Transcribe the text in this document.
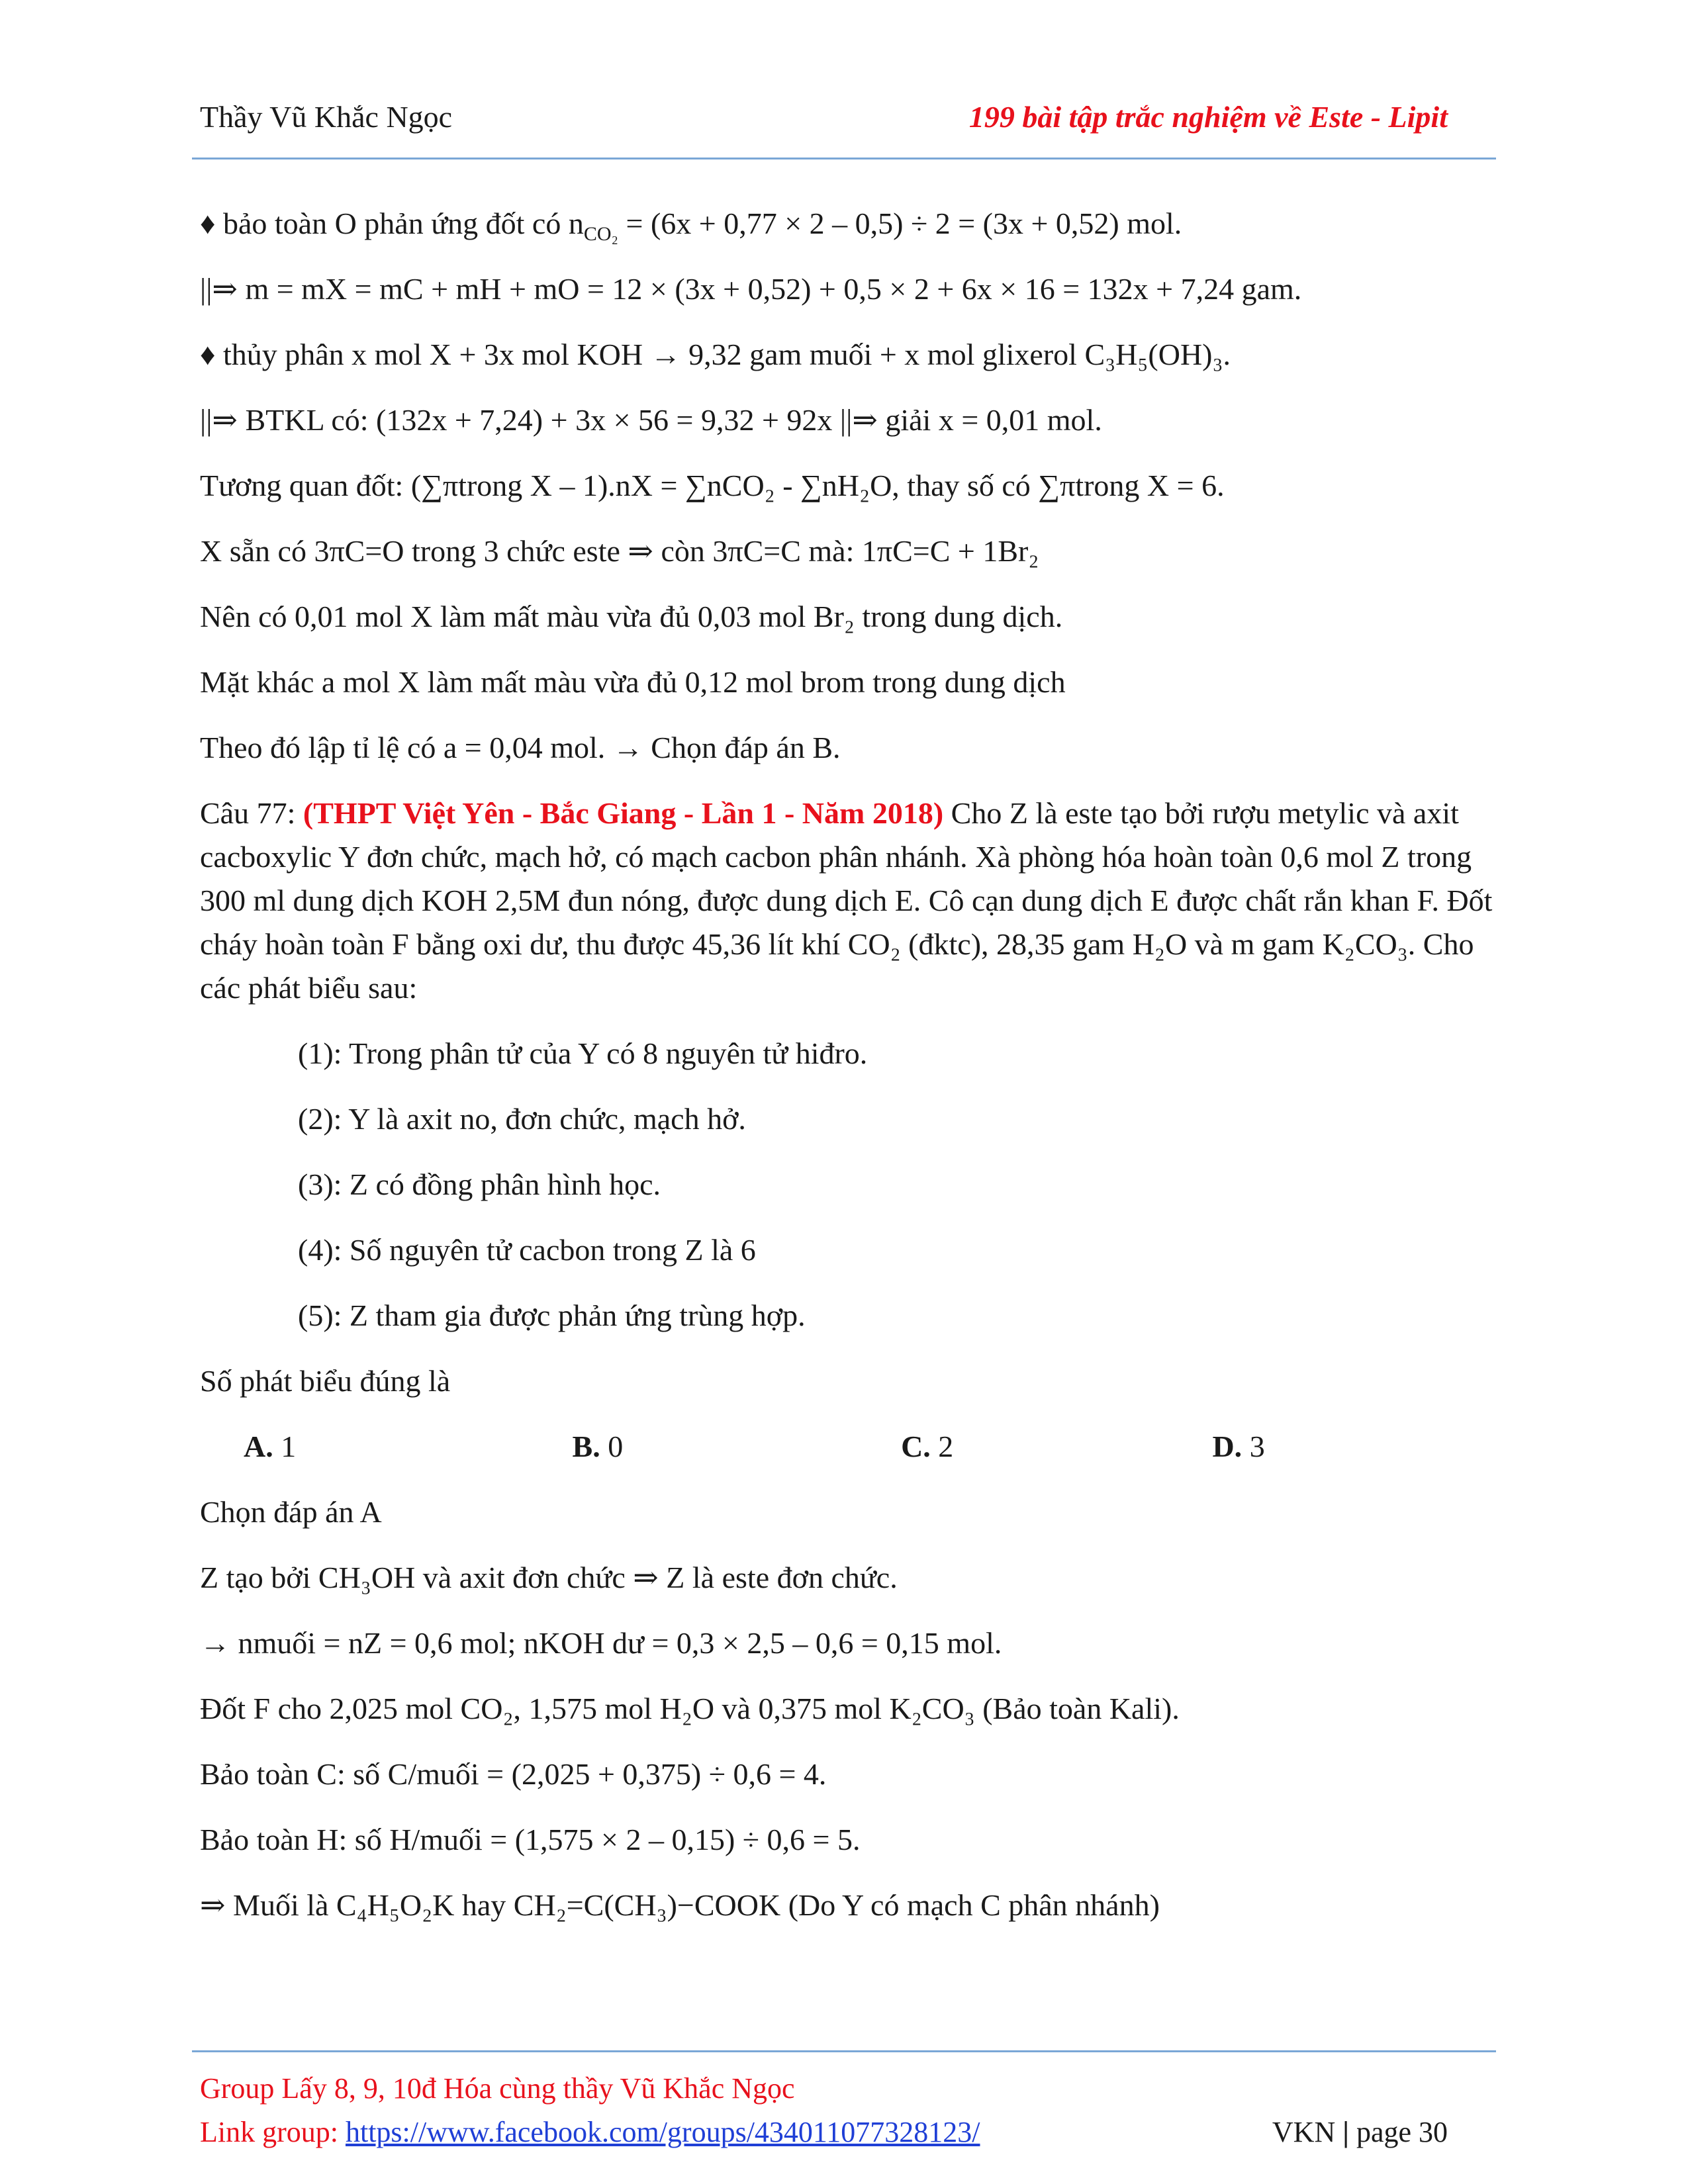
Thầy Vũ Khắc Ngọc	199 bài tập trắc nghiệm về Este - Lipit

♦ bảo toàn O phản ứng đốt có $n_{CO_2} = (6x + 0,77 \times 2 - 0,5) \div 2 = (3x + 0,52)$ mol.

||⇒ m = mX = mC + mH + mO = 12 × (3x + 0,52) + 0,5 × 2 + 6x × 16 = 132x + 7,24 gam.

♦ thủy phân x mol X + 3x mol KOH → 9,32 gam muối + x mol glixerol C₃H₅(OH)₃.

||⇒ BTKL có: (132x + 7,24) + 3x × 56 = 9,32 + 92x ||⇒ giải x = 0,01 mol.

Tương quan đốt: (∑πtrong X – 1).nX = ∑nCO₂ - ∑nH₂O, thay số có ∑πtrong X = 6.

X sẵn có 3πC=O trong 3 chức este ⇒ còn 3πC=C mà: 1πC=C + 1Br₂

Nên có 0,01 mol X làm mất màu vừa đủ 0,03 mol Br₂ trong dung dịch.

Mặt khác a mol X làm mất màu vừa đủ 0,12 mol brom trong dung dịch

Theo đó lập tỉ lệ có a = 0,04 mol. → Chọn đáp án B.

Câu 77: (THPT Việt Yên - Bắc Giang - Lần 1 - Năm 2018) Cho Z là este tạo bởi rượu metylic và axit cacboxylic Y đơn chức, mạch hở, có mạch cacbon phân nhánh. Xà phòng hóa hoàn toàn 0,6 mol Z trong 300 ml dung dịch KOH 2,5M đun nóng, được dung dịch E. Cô cạn dung dịch E được chất rắn khan F. Đốt cháy hoàn toàn F bằng oxi dư, thu được 45,36 lít khí CO₂ (đktc), 28,35 gam H₂O và m gam K₂CO₃. Cho các phát biểu sau:

(1): Trong phân tử của Y có 8 nguyên tử hiđro.

(2): Y là axit no, đơn chức, mạch hở.

(3): Z có đồng phân hình học.

(4): Số nguyên tử cacbon trong Z là 6

(5): Z tham gia được phản ứng trùng hợp.

Số phát biểu đúng là

A. 1	B. 0	C. 2	D. 3

Chọn đáp án A

Z tạo bởi CH₃OH và axit đơn chức ⇒ Z là este đơn chức.

→ nmuối = nZ = 0,6 mol; nKOH dư = 0,3 × 2,5 – 0,6 = 0,15 mol.

Đốt F cho 2,025 mol CO₂, 1,575 mol H₂O và 0,375 mol K₂CO₃ (Bảo toàn Kali).

Bảo toàn C: số C/muối = (2,025 + 0,375) ÷ 0,6 = 4.

Bảo toàn H: số H/muối = (1,575 × 2 – 0,15) ÷ 0,6 = 5.

⇒ Muối là C₄H₅O₂K hay CH₂=C(CH₃)−COOK (Do Y có mạch C phân nhánh)

Group Lấy 8, 9, 10đ Hóa cùng thầy Vũ Khắc Ngọc
Link group: https://www.facebook.com/groups/434011077328123/	VKN | page 30
